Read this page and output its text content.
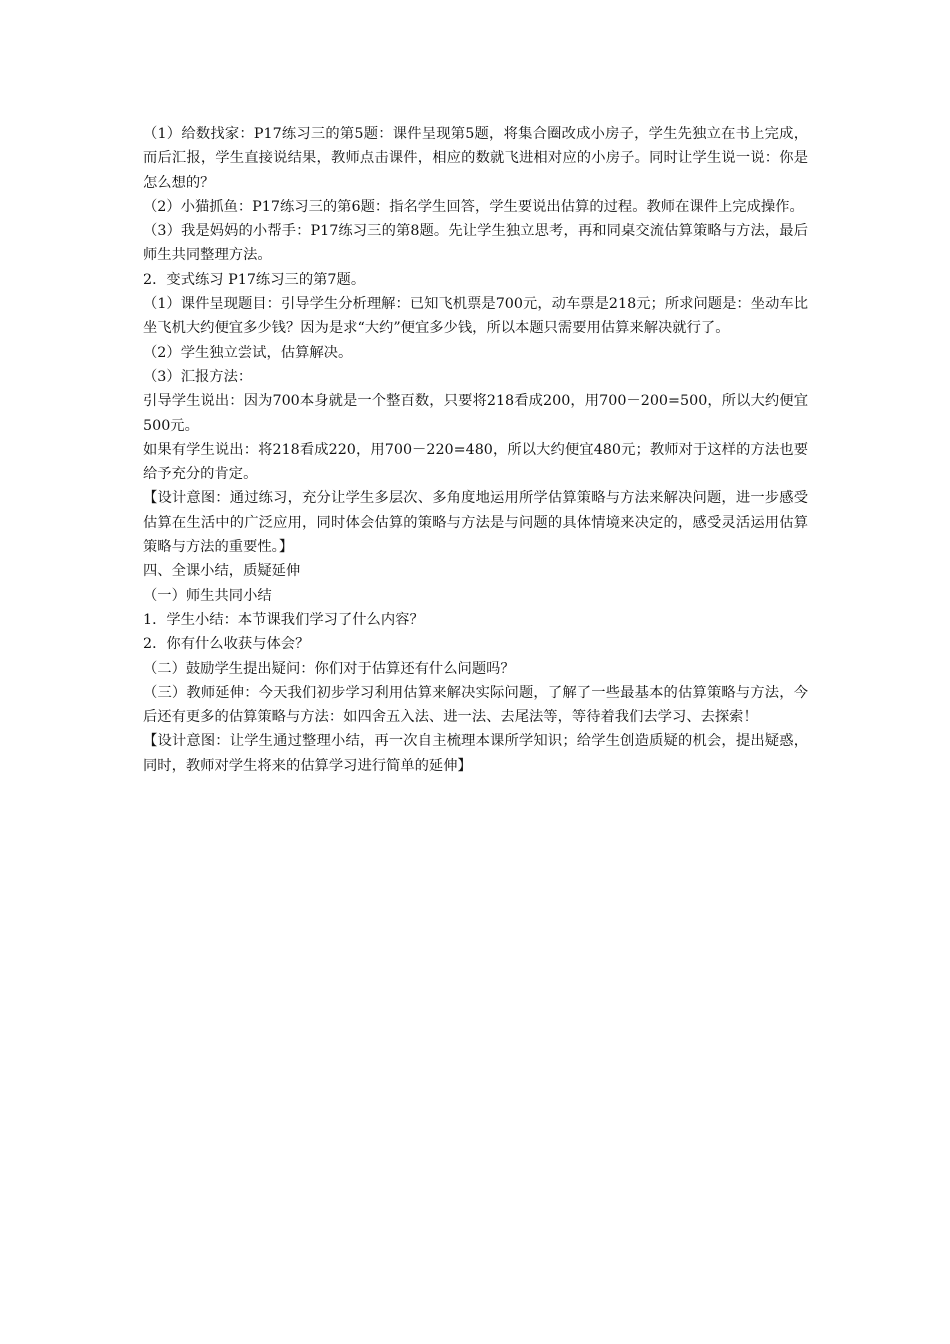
（1）给数找家：P17练习三的第5题：课件呈现第5题，将集合圈改成小房子，学生先独立在书上完成，而后汇报，学生直接说结果，教师点击课件，相应的数就飞进相对应的小房子。同时让学生说一说：你是怎么想的？

（2）小猫抓鱼：P17练习三的第6题：指名学生回答，学生要说出估算的过程。教师在课件上完成操作。

（3）我是妈妈的小帮手：P17练习三的第8题。先让学生独立思考，再和同桌交流估算策略与方法，最后师生共同整理方法。

2．变式练习 P17练习三的第7题。

（1）课件呈现题目：引导学生分析理解：已知飞机票是700元，动车票是218元；所求问题是：坐动车比坐飞机大约便宜多少钱？因为是求“大约”便宜多少钱，所以本题只需要用估算来解决就行了。

（2）学生独立尝试，估算解决。

（3）汇报方法：

引导学生说出：因为700本身就是一个整百数，只要将218看成200，用700－200=500，所以大约便宜500元。

如果有学生说出：将218看成220，用700－220=480，所以大约便宜480元；教师对于这样的方法也要给予充分的肯定。

【设计意图：通过练习，充分让学生多层次、多角度地运用所学估算策略与方法来解决问题，进一步感受估算在生活中的广泛应用，同时体会估算的策略与方法是与问题的具体情境来决定的，感受灵活运用估算策略与方法的重要性。】

四、全课小结，质疑延伸

（一）师生共同小结

1．学生小结：本节课我们学习了什么内容？

2．你有什么收获与体会？

（二）鼓励学生提出疑问：你们对于估算还有什么问题吗？

（三）教师延伸：今天我们初步学习利用估算来解决实际问题，了解了一些最基本的估算策略与方法，今后还有更多的估算策略与方法：如四舍五入法、进一法、去尾法等，等待着我们去学习、去探索！

【设计意图：让学生通过整理小结，再一次自主梳理本课所学知识；给学生创造质疑的机会，提出疑惑，同时，教师对学生将来的估算学习进行简单的延伸】
